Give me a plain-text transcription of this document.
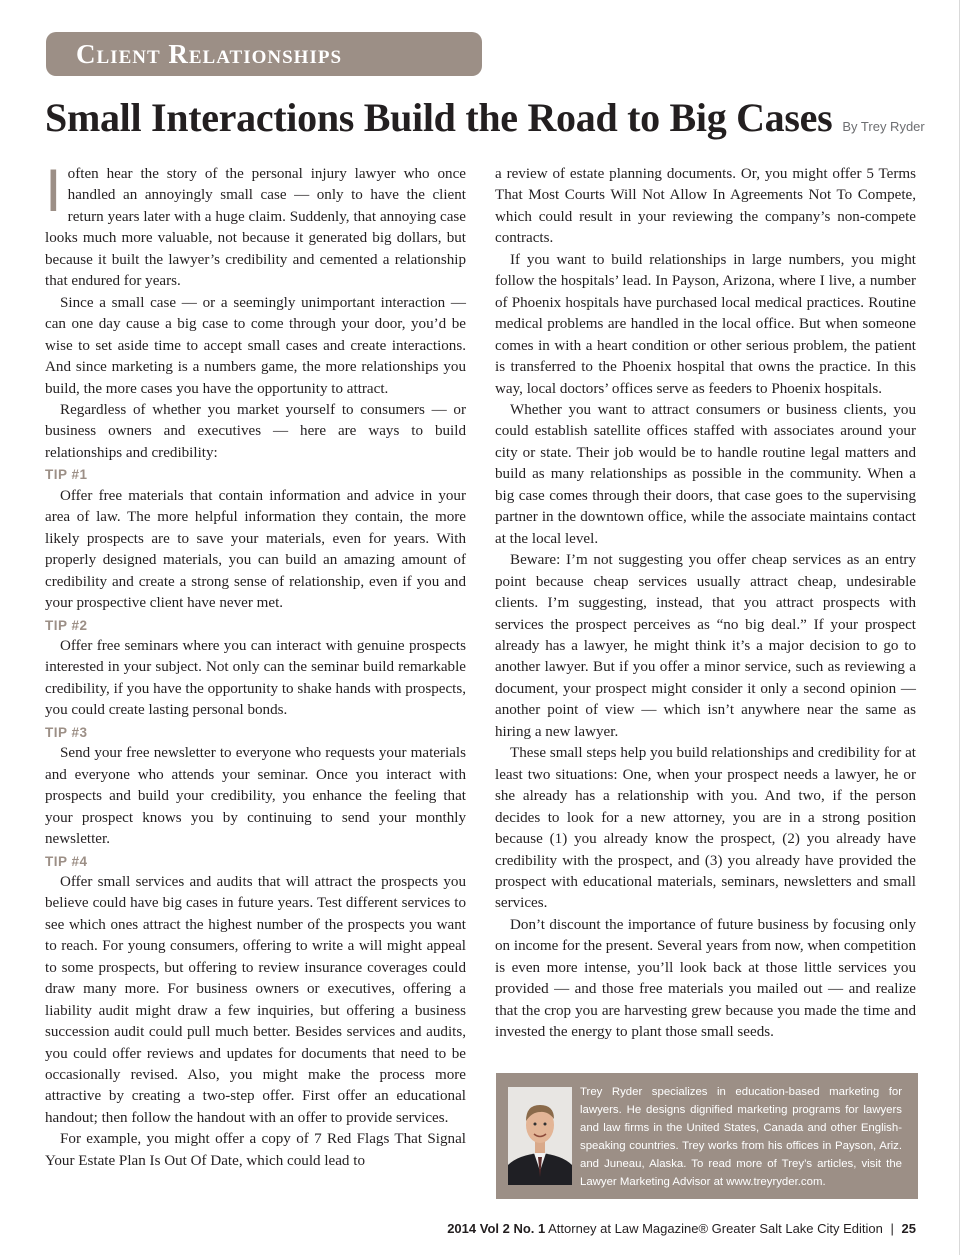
Client Relationships
Small Interactions Build the Road to Big Cases By Trey Ryder

Ioften hear the story of the personal injury lawyer who once handled an annoyingly small case — only to have the client return years later with a huge claim. Suddenly, that annoying case looks much more valuable, not because it generated big dollars, but because it built the lawyer’s credibility and cemented a relationship that endured for years.

Since a small case — or a seemingly unimportant interaction — can one day cause a big case to come through your door, you’d be wise to set aside time to accept small cases and create interactions. And since marketing is a numbers game, the more relationships you build, the more cases you have the opportunity to attract.

Regardless of whether you market yourself to consumers — or business owners and executives — here are ways to build relationships and credibility:

TIP #1

Offer free materials that contain information and advice in your area of law. The more helpful information they contain, the more likely prospects are to save your materials, even for years. With properly designed materials, you can build an amazing amount of credibility and create a strong sense of relationship, even if you and your prospective client have never met.

TIP #2

Offer free seminars where you can interact with genuine prospects interested in your subject. Not only can the seminar build remarkable credibility, if you have the opportunity to shake hands with prospects, you could create lasting personal bonds.

TIP #3

Send your free newsletter to everyone who requests your materials and everyone who attends your seminar. Once you interact with prospects and build your credibility, you enhance the feeling that your prospect knows you by continuing to send your monthly newsletter.

TIP #4

Offer small services and audits that will attract the prospects you believe could have big cases in future years. Test different services to see which ones attract the highest number of the prospects you want to reach. For young consumers, offering to write a will might appeal to some prospects, but offering to review insurance coverages could draw many more. For business owners or executives, offering a liability audit might draw a few inquiries, but offering a business succession audit could pull much better. Besides services and audits, you could offer reviews and updates for documents that need to be occasionally revised. Also, you might make the process more attractive by creating a two-step offer. First offer an educational handout; then follow the handout with an offer to provide services.

For example, you might offer a copy of 7 Red Flags That Signal Your Estate Plan Is Out Of Date, which could lead to

a review of estate planning documents. Or, you might offer 5 Terms That Most Courts Will Not Allow In Agreements Not To Compete, which could result in your reviewing the company’s non-compete contracts.

If you want to build relationships in large numbers, you might follow the hospitals’ lead. In Payson, Arizona, where I live, a number of Phoenix hospitals have purchased local medical practices. Routine medical problems are handled in the local office. But when someone comes in with a heart condition or other serious problem, the patient is transferred to the Phoenix hospital that owns the practice. In this way, local doctors’ offices serve as feeders to Phoenix hospitals.

Whether you want to attract consumers or business clients, you could establish satellite offices staffed with associates around your city or state. Their job would be to handle routine legal matters and build as many relationships as possible in the community. When a big case comes through their doors, that case goes to the supervising partner in the downtown office, while the associate maintains contact at the local level.

Beware: I’m not suggesting you offer cheap services as an entry point because cheap services usually attract cheap, undesirable clients. I’m suggesting, instead, that you attract prospects with services the prospect perceives as “no big deal.” If your prospect already has a lawyer, he might think it’s a major decision to go to another lawyer. But if you offer a minor service, such as reviewing a document, your prospect might consider it only a second opinion — another point of view — which isn’t anywhere near the same as hiring a new lawyer.

These small steps help you build relationships and credibility for at least two situations: One, when your prospect needs a lawyer, he or she already has a relationship with you. And two, if the person decides to look for a new attorney, you are in a strong position because (1) you already know the prospect, (2) you already have credibility with the prospect, and (3) you already have provided the prospect with educational materials, seminars, newsletters and small services.

Don’t discount the importance of future business by focusing only on income for the present. Several years from now, when competition is even more intense, you’ll look back at those little services you provided — and those free materials you mailed out — and realize that the crop you are harvesting grew because you made the time and invested the energy to plant those small seeds.

Trey Ryder specializes in education-based marketing for lawyers. He designs dignified marketing programs for lawyers and law firms in the United States, Canada and other English-speaking countries. Trey works from his offices in Payson, Ariz. and Juneau, Alaska. To read more of Trey’s articles, visit the Lawyer Marketing Advisor at www.treyryder.com.
2014 Vol 2 No. 1 Attorney at Law Magazine® Greater Salt Lake City Edition | 25
